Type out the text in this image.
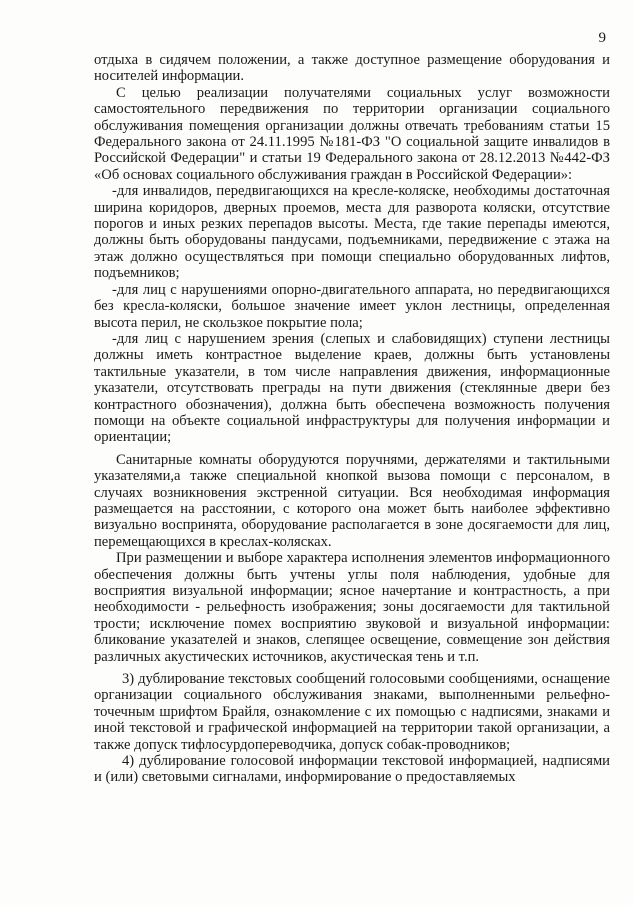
9

отдыха в сидячем положении, а также доступное размещение оборудования и носителей информации.

С целью реализации получателями социальных услуг возможности самостоятельного передвижения по территории организации социального обслуживания помещения организации должны отвечать требованиям статьи 15 Федерального закона от 24.11.1995 №181-ФЗ "О социальной защите инвалидов в Российской Федерации" и статьи 19 Федерального закона от 28.12.2013 №442-ФЗ «Об основах социального обслуживания граждан в Российской Федерации»:

-для инвалидов, передвигающихся на кресле-коляске, необходимы достаточная ширина коридоров, дверных проемов, места для разворота коляски, отсутствие порогов и иных резких перепадов высоты. Места, где такие перепады имеются, должны быть оборудованы пандусами, подъемниками, передвижение с этажа на этаж должно осуществляться при помощи специально оборудованных лифтов, подъемников;

-для лиц с нарушениями опорно-двигательного аппарата, но передвигающихся без кресла-коляски, большое значение имеет уклон лестницы, определенная высота перил, не скользкое покрытие пола;

-для лиц с нарушением зрения (слепых и слабовидящих) ступени лестницы должны иметь контрастное выделение краев, должны быть установлены тактильные указатели, в том числе направления движения, информационные указатели, отсутствовать преграды на пути движения (стеклянные двери без контрастного обозначения), должна быть обеспечена возможность получения помощи на объекте социальной инфраструктуры для получения информации и ориентации;

Санитарные комнаты оборудуются поручнями, держателями и тактильными указателями,а также специальной кнопкой вызова помощи с персоналом, в случаях возникновения экстренной ситуации. Вся необходимая информация размещается на расстоянии, с которого она может быть наиболее эффективно визуально воспринята, оборудование располагается в зоне досягаемости для лиц, перемещающихся в креслах-колясках.

При размещении и выборе характера исполнения элементов информационного обеспечения должны быть учтены углы поля наблюдения, удобные для восприятия визуальной информации; ясное начертание и контрастность, а при необходимости - рельефность изображения; зоны досягаемости для тактильной трости; исключение помех восприятию звуковой и визуальной информации: бликование указателей и знаков, слепящее освещение, совмещение зон действия различных акустических источников, акустическая тень и т.п.

3) дублирование текстовых сообщений голосовыми сообщениями, оснащение организации социального обслуживания знаками, выполненными рельефно-точечным шрифтом Брайля, ознакомление с их помощью с надписями, знаками и иной текстовой и графической информацией на территории такой организации, а также допуск тифлосурдопереводчика, допуск собак-проводников;

4) дублирование голосовой информации текстовой информацией, надписями и (или) световыми сигналами, информирование о предоставляемых
